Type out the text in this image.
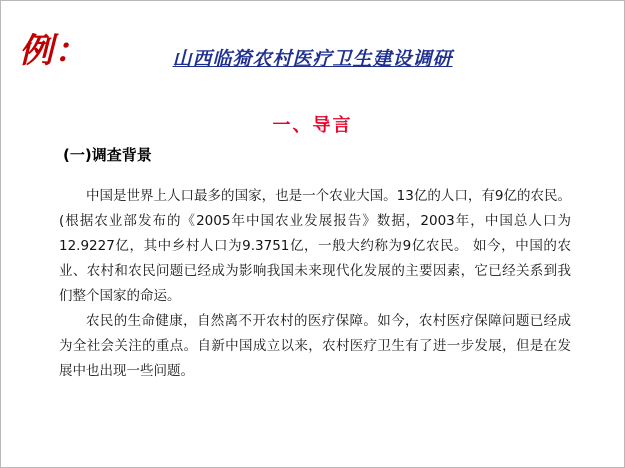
例：	山西临猗农村医疗卫生建设调研
一、导言
(一)调查背景

中国是世界上人口最多的国家，也是一个农业大国。13亿的人口，有9亿的农民。(根据农业部发布的《2005年中国农业发展报告》数据，2003年，中国总人口为12.9227亿，其中乡村人口为9.3751亿，一般大约称为9亿农民。 如今，中国的农业、农村和农民问题已经成为影响我国未来现代化发展的主要因素，它已经关系到我们整个国家的命运。

农民的生命健康，自然离不开农村的医疗保障。如今，农村医疗保障问题已经成为全社会关注的重点。自新中国成立以来，农村医疗卫生有了进一步发展，但是在发展中也出现一些问题。
